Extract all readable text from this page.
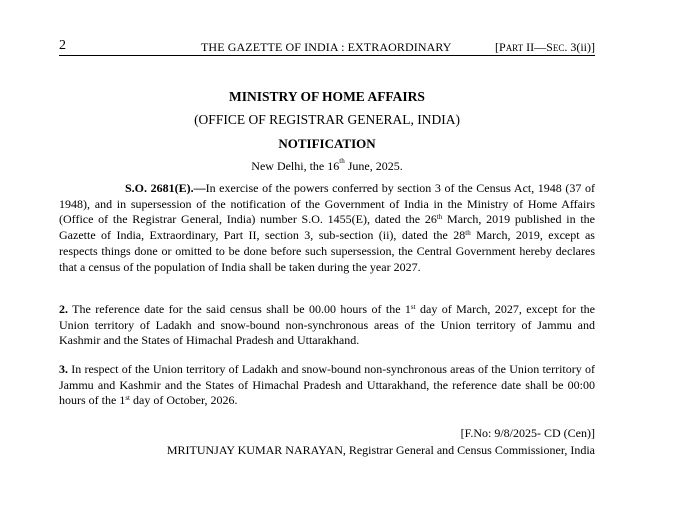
2	THE GAZETTE OF INDIA : EXTRAORDINARY	[PART II—SEC. 3(ii)]
MINISTRY OF HOME AFFAIRS
(OFFICE OF REGISTRAR GENERAL, INDIA)
NOTIFICATION
New Delhi, the 16th June, 2025.
S.O. 2681(E).—In exercise of the powers conferred by section 3 of the Census Act, 1948 (37 of 1948), and in supersession of the notification of the Government of India in the Ministry of Home Affairs (Office of the Registrar General, India) number S.O. 1455(E), dated the 26th March, 2019 published in the Gazette of India, Extraordinary, Part II, section 3, sub-section (ii), dated the 28th March, 2019, except as respects things done or omitted to be done before such supersession, the Central Government hereby declares that a census of the population of India shall be taken during the year 2027.
2. The reference date for the said census shall be 00.00 hours of the 1st day of March, 2027, except for the Union territory of Ladakh and snow-bound non-synchronous areas of the Union territory of Jammu and Kashmir and the States of Himachal Pradesh and Uttarakhand.
3. In respect of the Union territory of Ladakh and snow-bound non-synchronous areas of the Union territory of Jammu and Kashmir and the States of Himachal Pradesh and Uttarakhand, the reference date shall be 00:00 hours of the 1st day of October, 2026.
[F.No: 9/8/2025- CD (Cen)]
MRITUNJAY KUMAR NARAYAN, Registrar General and Census Commissioner, India
